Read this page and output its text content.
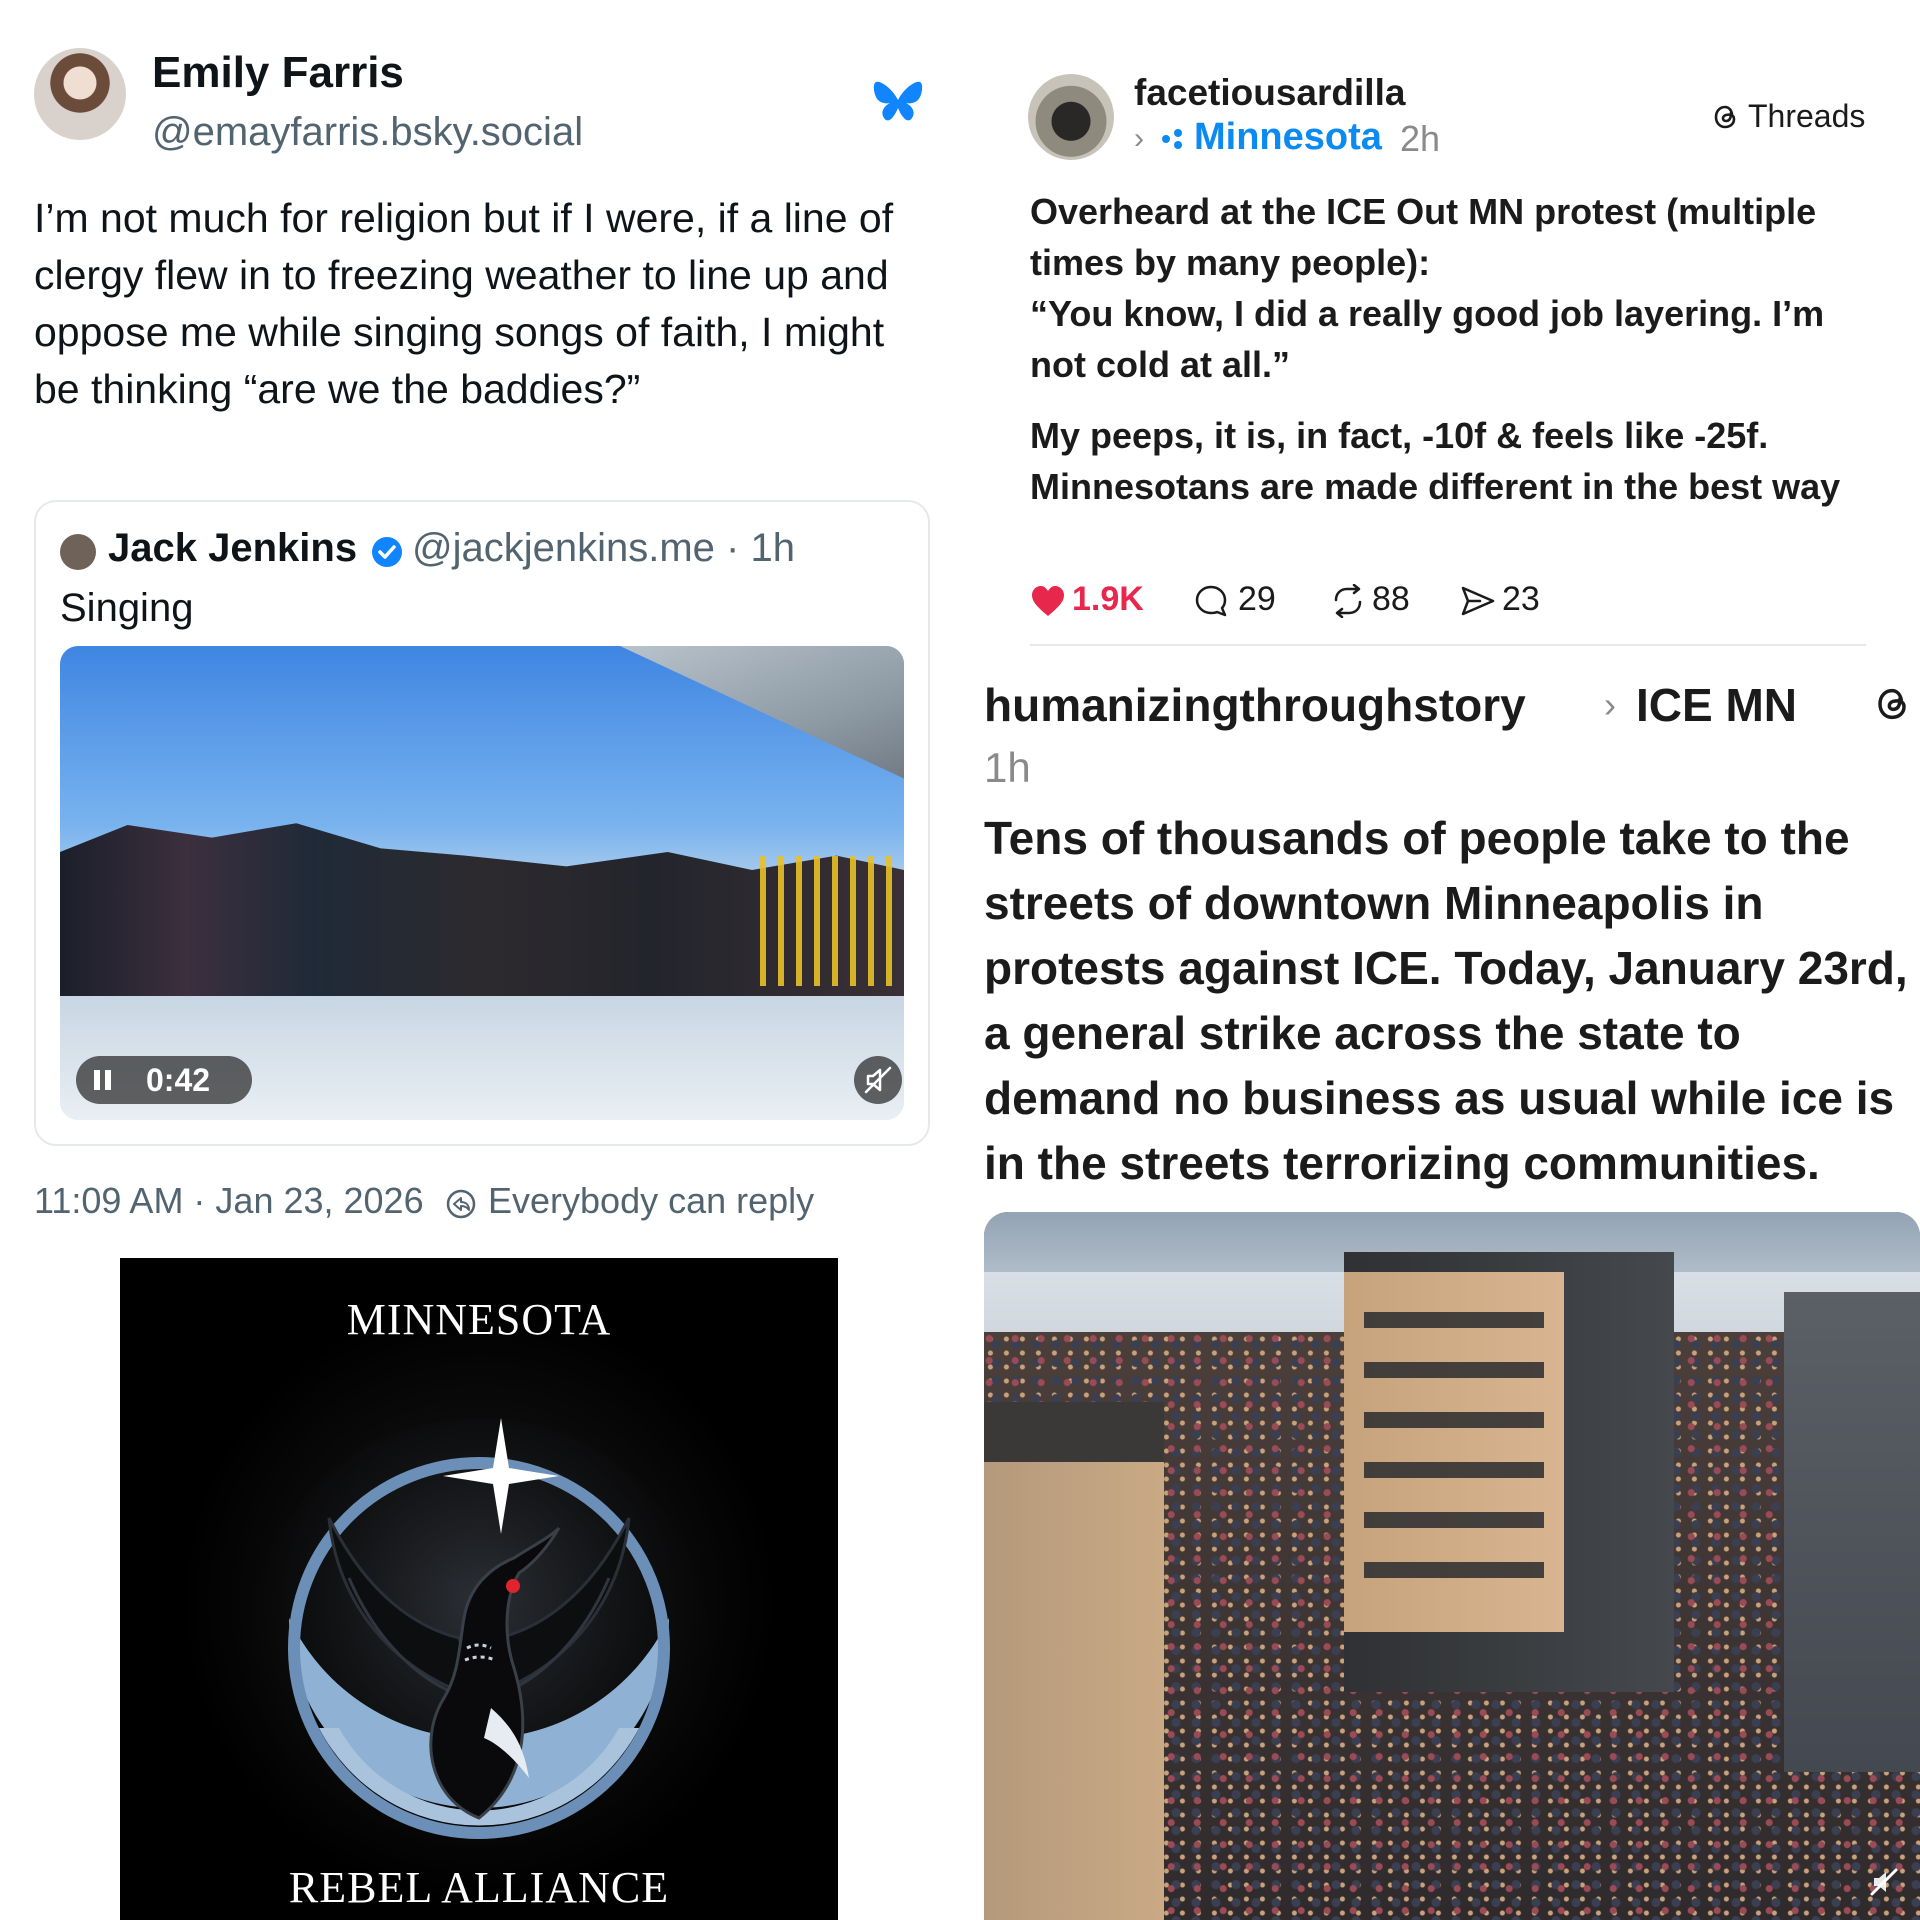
Emily Farris
@emayfarris.bsky.social
I’m not much for religion but if I were, if a line of clergy flew in to freezing weather to line up and oppose me while singing songs of faith, I might be thinking “are we the baddies?”
Jack Jenkins @jackjenkins.me · 1h
Singing
0:42
11:09 AM · Jan 23, 2026 Everybody can reply
MINNESOTA
REBEL ALLIANCE
facetiousardilla
› Minnesota 2h
Threads
Overheard at the ICE Out MN protest (multiple times by many people):
“You know, I did a really good job layering. I’m not cold at all.”
My peeps, it is, in fact, -10f & feels like -25f. Minnesotans are made different in the best way
1.9K	29	88	23
humanizingthroughstory › ICE MN
1h
Tens of thousands of people take to the streets of downtown Minneapolis in protests against ICE. Today, January 23rd, a general strike across the state to demand no business as usual while ice is in the streets terrorizing communities.
